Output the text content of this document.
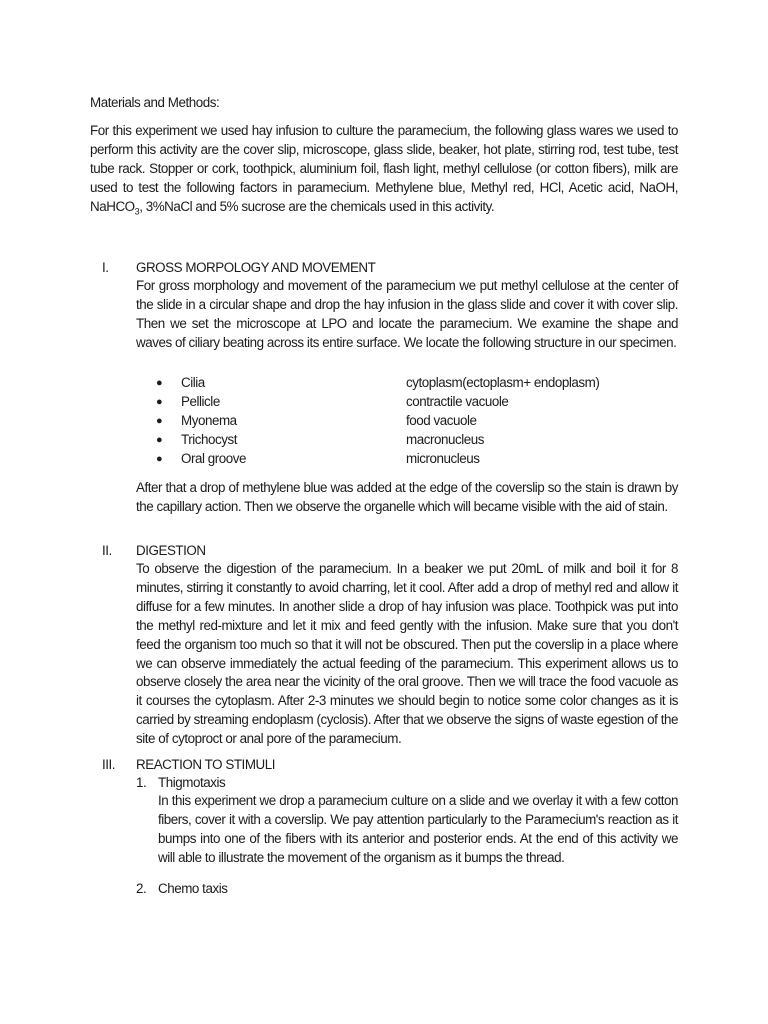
Materials and Methods:
For this experiment we used hay infusion to culture the paramecium, the following glass wares we used to perform this activity are the cover slip, microscope, glass slide, beaker, hot plate, stirring rod, test tube, test tube rack. Stopper or cork, toothpick, aluminium foil, flash light, methyl cellulose (or cotton fibers), milk are used to test the following factors in paramecium. Methylene blue, Methyl red, HCl, Acetic acid, NaOH, NaHCO$_3$, 3%NaCl and 5% sucrose are the chemicals used in this activity.
I. GROSS MORPOLOGY AND MOVEMENT
For gross morphology and movement of the paramecium we put methyl cellulose at the center of the slide in a circular shape and drop the hay infusion in the glass slide and cover it with cover slip. Then we set the microscope at LPO and locate the paramecium. We examine the shape and waves of ciliary beating across its entire surface. We locate the following structure in our specimen.
● Cilia	cytoplasm(ectoplasm+ endoplasm)
● Pellicle	contractile vacuole
● Myonema	food vacuole
● Trichocyst	macronucleus
● Oral groove	micronucleus
After that a drop of methylene blue was added at the edge of the coverslip so the stain is drawn by the capillary action. Then we observe the organelle which will became visible with the aid of stain.
II. DIGESTION
To observe the digestion of the paramecium. In a beaker we put 20mL of milk and boil it for 8 minutes, stirring it constantly to avoid charring, let it cool. After add a drop of methyl red and allow it diffuse for a few minutes. In another slide a drop of hay infusion was place. Toothpick was put into the methyl red-mixture and let it mix and feed gently with the infusion. Make sure that you don't feed the organism too much so that it will not be obscured. Then put the coverslip in a place where we can observe immediately the actual feeding of the paramecium. This experiment allows us to observe closely the area near the vicinity of the oral groove. Then we will trace the food vacuole as it courses the cytoplasm. After 2-3 minutes we should begin to notice some color changes as it is carried by streaming endoplasm (cyclosis). After that we observe the signs of waste egestion of the site of cytoproct or anal pore of the paramecium.
III. REACTION TO STIMULI
1. Thigmotaxis
In this experiment we drop a paramecium culture on a slide and we overlay it with a few cotton fibers, cover it with a coverslip. We pay attention particularly to the Paramecium's reaction as it bumps into one of the fibers with its anterior and posterior ends. At the end of this activity we will able to illustrate the movement of the organism as it bumps the thread.
2. Chemo taxis
